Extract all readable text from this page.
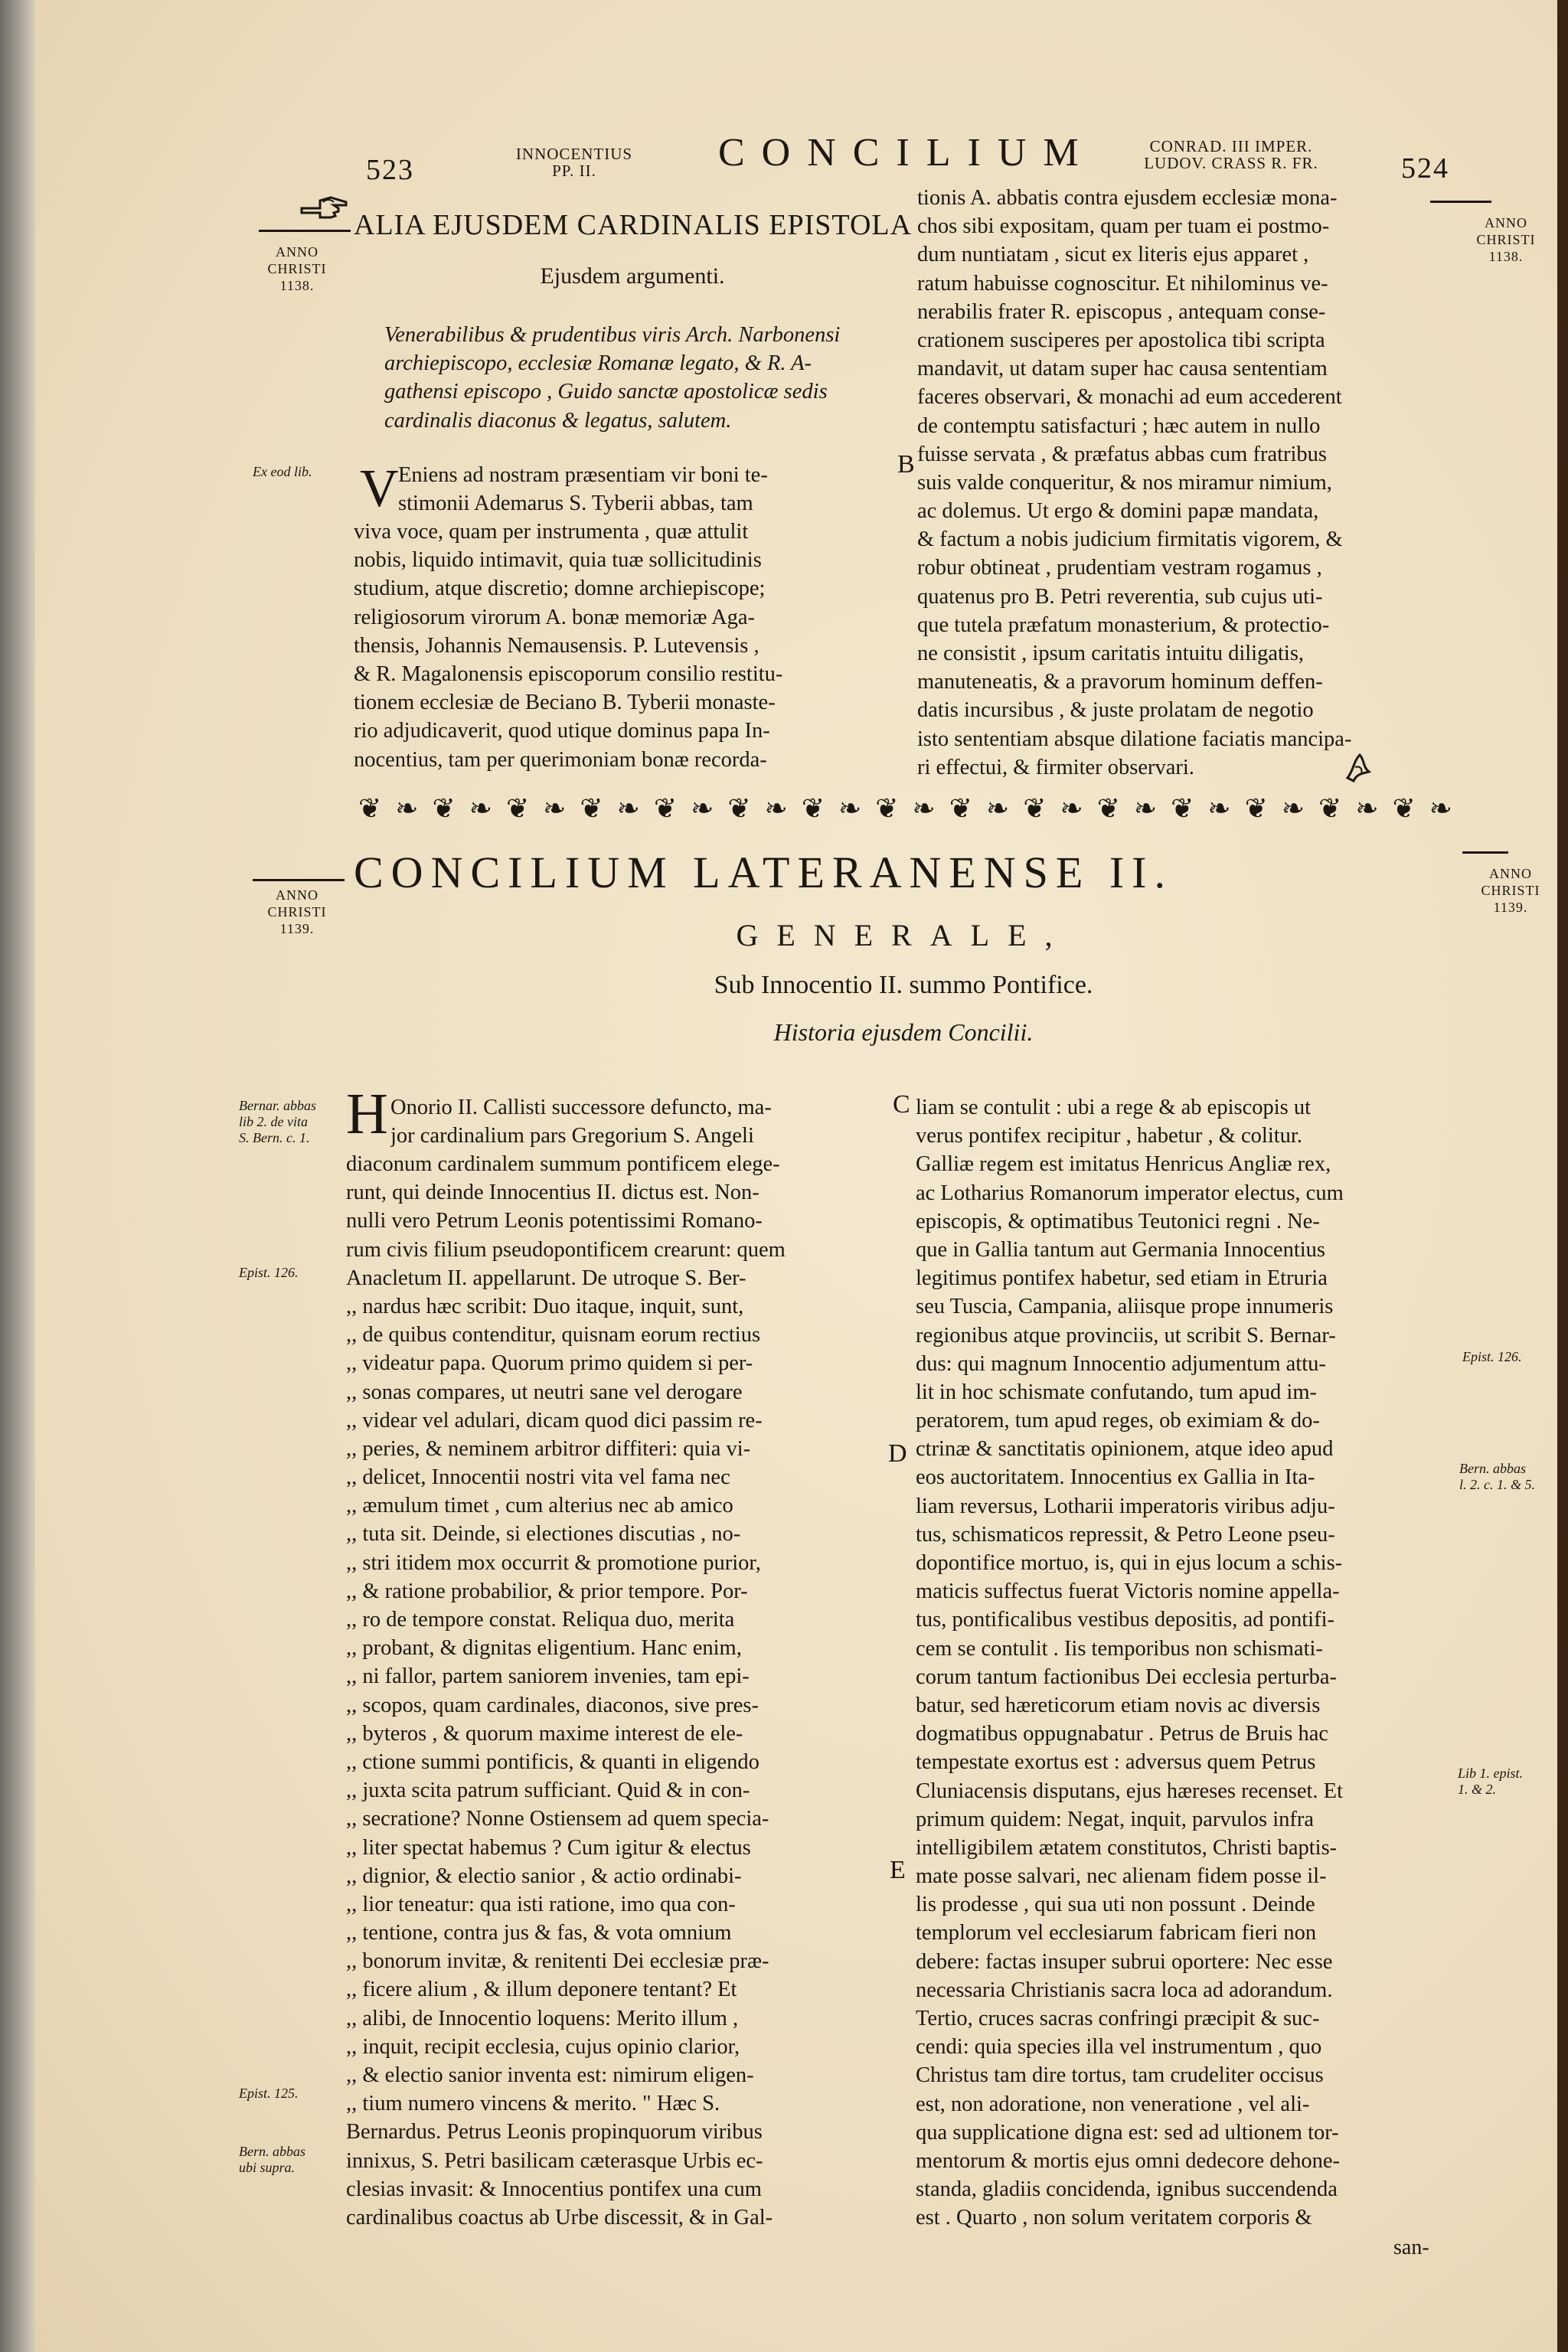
523	INNOCENTIUS
PP. II.	CONCILIUM	CONRAD. III IMPER.
LUDOV. CRASS R. FR.	524
ALIA EJUSDEM CARDINALIS EPISTOLA
ANNO
CHRISTI
1138.
ANNO
CHRISTI
1138.
Ejusdem argumenti.
Venerabilibus & prudentibus viris Arch. Narbonensi
archiepiscopo, ecclesiæ Romanæ legato, & R. A-
gathensi episcopo , Guido sanctæ apostolicæ sedis
cardinalis diaconus & legatus, salutem.
Ex eod lib. V Eniens ad nostram præsentiam vir boni te-
stimonii Ademarus S. Tyberii abbas, tam
viva voce, quam per instrumenta , quæ attulit
nobis, liquido intimavit, quia tuæ sollicitudinis
studium, atque discretio; domne archiepiscope;
religiosorum virorum A. bonæ memoriæ Aga-
thensis, Johannis Nemausensis. P. Lutevensis ,
& R. Magalonensis episcoporum consilio restitu-
tionem ecclesiæ de Beciano B. Tyberii monaste-
rio adjudicaverit, quod utique dominus papa In-
nocentius, tam per querimoniam bonæ recorda-
B
tionis A. abbatis contra ejusdem ecclesiæ mona-
chos sibi expositam, quam per tuam ei postmo-
dum nuntiatam , sicut ex literis ejus apparet ,
ratum habuisse cognoscitur. Et nihilominus ve-
nerabilis frater R. episcopus , antequam conse-
crationem susciperes per apostolica tibi scripta
mandavit, ut datam super hac causa sententiam
faceres observari, & monachi ad eum accederent
de contemptu satisfacturi ; hæc autem in nullo
fuisse servata , & præfatus abbas cum fratribus
suis valde conqueritur, & nos miramur nimium,
ac dolemus. Ut ergo & domini papæ mandata,
& factum a nobis judicium firmitatis vigorem, &
robur obtineat , prudentiam vestram rogamus ,
quatenus pro B. Petri reverentia, sub cujus uti-
que tutela præfatum monasterium, & protectio-
ne consistit , ipsum caritatis intuitu diligatis,
manuteneatis, & a pravorum hominum deffen-
datis incursibus , & juste prolatam de negotio
isto sententiam absque dilatione faciatis mancipa-
ri effectui, & firmiter observari.
❦ ❧ ❦ ❧ ❦ ❧ ❦ ❧ ❦ ❧ ❦ ❧ ❦ ❧ ❦ ❧ ❦ ❧ ❦ ❧ ❦ ❧ ❦ ❧ ❦ ❧ ❦ ❧ ❦ ❧
CONCILIUM LATERANENSE II.
ANNO
CHRISTI
1139.
ANNO
CHRISTI
1139.
GENERALE,
Sub Innocentio II. summo Pontifice.
Historia ejusdem Concilii.
Bernar. abbas
lib 2. de vita
S. Bern. c. 1.
Epist. 126.
Epist. 125.
Bern. abbas
ubi supra.
Epist. 126.
Bern. abbas
l. 2. c. 1. & 5.
Lib 1. epist.
1. & 2.
H Onorio II. Callisti successore defuncto, ma-
jor cardinalium pars Gregorium S. Angeli
diaconum cardinalem summum pontificem elege-
runt, qui deinde Innocentius II. dictus est. Non-
nulli vero Petrum Leonis potentissimi Romano-
rum civis filium pseudopontificem crearunt: quem
Anacletum II. appellarunt. De utroque S. Ber-
,, nardus hæc scribit: Duo itaque, inquit, sunt,
,, de quibus contenditur, quisnam eorum rectius
,, videatur papa. Quorum primo quidem si per-
,, sonas compares, ut neutri sane vel derogare
,, videar vel adulari, dicam quod dici passim re-
,, peries, & neminem arbitror diffiteri: quia vi-
,, delicet, Innocentii nostri vita vel fama nec
,, æmulum timet , cum alterius nec ab amico
,, tuta sit. Deinde, si electiones discutias , no-
,, stri itidem mox occurrit & promotione purior,
,, & ratione probabilior, & prior tempore. Por-
,, ro de tempore constat. Reliqua duo, merita
,, probant, & dignitas eligentium. Hanc enim,
,, ni fallor, partem saniorem invenies, tam epi-
,, scopos, quam cardinales, diaconos, sive pres-
,, byteros , & quorum maxime interest de ele-
,, ctione summi pontificis, & quanti in eligendo
,, juxta scita patrum sufficiant. Quid & in con-
,, secratione? Nonne Ostiensem ad quem specia-
,, liter spectat habemus ? Cum igitur & electus
,, dignior, & electio sanior , & actio ordinabi-
,, lior teneatur: qua isti ratione, imo qua con-
,, tentione, contra jus & fas, & vota omnium
,, bonorum invitæ, & renitenti Dei ecclesiæ præ-
,, ficere alium , & illum deponere tentant? Et
,, alibi, de Innocentio loquens: Merito illum ,
,, inquit, recipit ecclesia, cujus opinio clarior,
,, & electio sanior inventa est: nimirum eligen-
,, tium numero vincens & merito. " Hæc S.
Bernardus. Petrus Leonis propinquorum viribus
innixus, S. Petri basilicam cæterasque Urbis ec-
clesias invasit: & Innocentius pontifex una cum
cardinalibus coactus ab Urbe discessit, & in Gal-
C
D
E
liam se contulit : ubi a rege & ab episcopis ut
verus pontifex recipitur , habetur , & colitur.
Galliæ regem est imitatus Henricus Angliæ rex,
ac Lotharius Romanorum imperator electus, cum
episcopis, & optimatibus Teutonici regni . Ne-
que in Gallia tantum aut Germania Innocentius
legitimus pontifex habetur, sed etiam in Etruria
seu Tuscia, Campania, aliisque prope innumeris
regionibus atque provinciis, ut scribit S. Bernar-
dus: qui magnum Innocentio adjumentum attu-
lit in hoc schismate confutando, tum apud im-
peratorem, tum apud reges, ob eximiam & do-
ctrinæ & sanctitatis opinionem, atque ideo apud
eos auctoritatem. Innocentius ex Gallia in Ita-
liam reversus, Lotharii imperatoris viribus adju-
tus, schismaticos repressit, & Petro Leone pseu-
dopontifice mortuo, is, qui in ejus locum a schis-
maticis suffectus fuerat Victoris nomine appella-
tus, pontificalibus vestibus depositis, ad pontifi-
cem se contulit . Iis temporibus non schismati-
corum tantum factionibus Dei ecclesia perturba-
batur, sed hæreticorum etiam novis ac diversis
dogmatibus oppugnabatur . Petrus de Bruis hac
tempestate exortus est : adversus quem Petrus
Cluniacensis disputans, ejus hæreses recenset. Et
primum quidem: Negat, inquit, parvulos infra
intelligibilem ætatem constitutos, Christi baptis-
mate posse salvari, nec alienam fidem posse il-
lis prodesse , qui sua uti non possunt . Deinde
templorum vel ecclesiarum fabricam fieri non
debere: factas insuper subrui oportere: Nec esse
necessaria Christianis sacra loca ad adorandum.
Tertio, cruces sacras confringi præcipit & suc-
cendi: quia species illa vel instrumentum , quo
Christus tam dire tortus, tam crudeliter occisus
est, non adoratione, non veneratione , vel ali-
qua supplicatione digna est: sed ad ultionem tor-
mentorum & mortis ejus omni dedecore dehone-
standa, gladiis concidenda, ignibus succendenda
est . Quarto , non solum veritatem corporis &
san-
